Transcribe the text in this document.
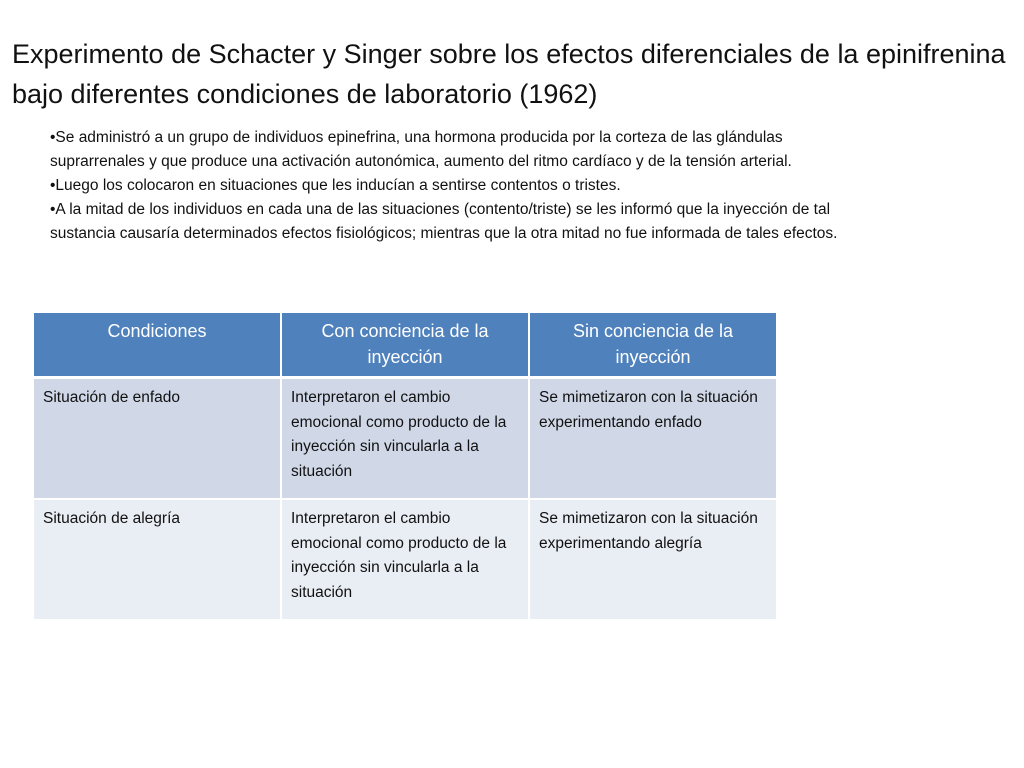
Experimento de Schacter y Singer sobre los efectos diferenciales de la epinifrenina bajo diferentes condiciones de laboratorio (1962)

•Se administró a un grupo de individuos epinefrina, una hormona producida por la corteza de las glándulas suprarrenales y que produce una activación autonómica, aumento del ritmo cardíaco y de la tensión arterial.

•Luego los colocaron en situaciones que les inducían a sentirse contentos o tristes.

•A la mitad de los individuos en cada una de las situaciones (contento/triste) se les informó que la inyección de tal sustancia causaría determinados efectos fisiológicos; mientras que la otra mitad no fue informada de tales efectos.

Condiciones	Con conciencia de la inyección	Sin conciencia de la inyección
Situación de enfado	Interpretaron el cambio emocional como producto de la inyección sin vincularla a la situación	Se mimetizaron con la situación experimentando enfado
Situación de alegría	Interpretaron el cambio emocional como producto de la inyección sin vincularla a la situación	Se mimetizaron con la situación experimentando alegría
